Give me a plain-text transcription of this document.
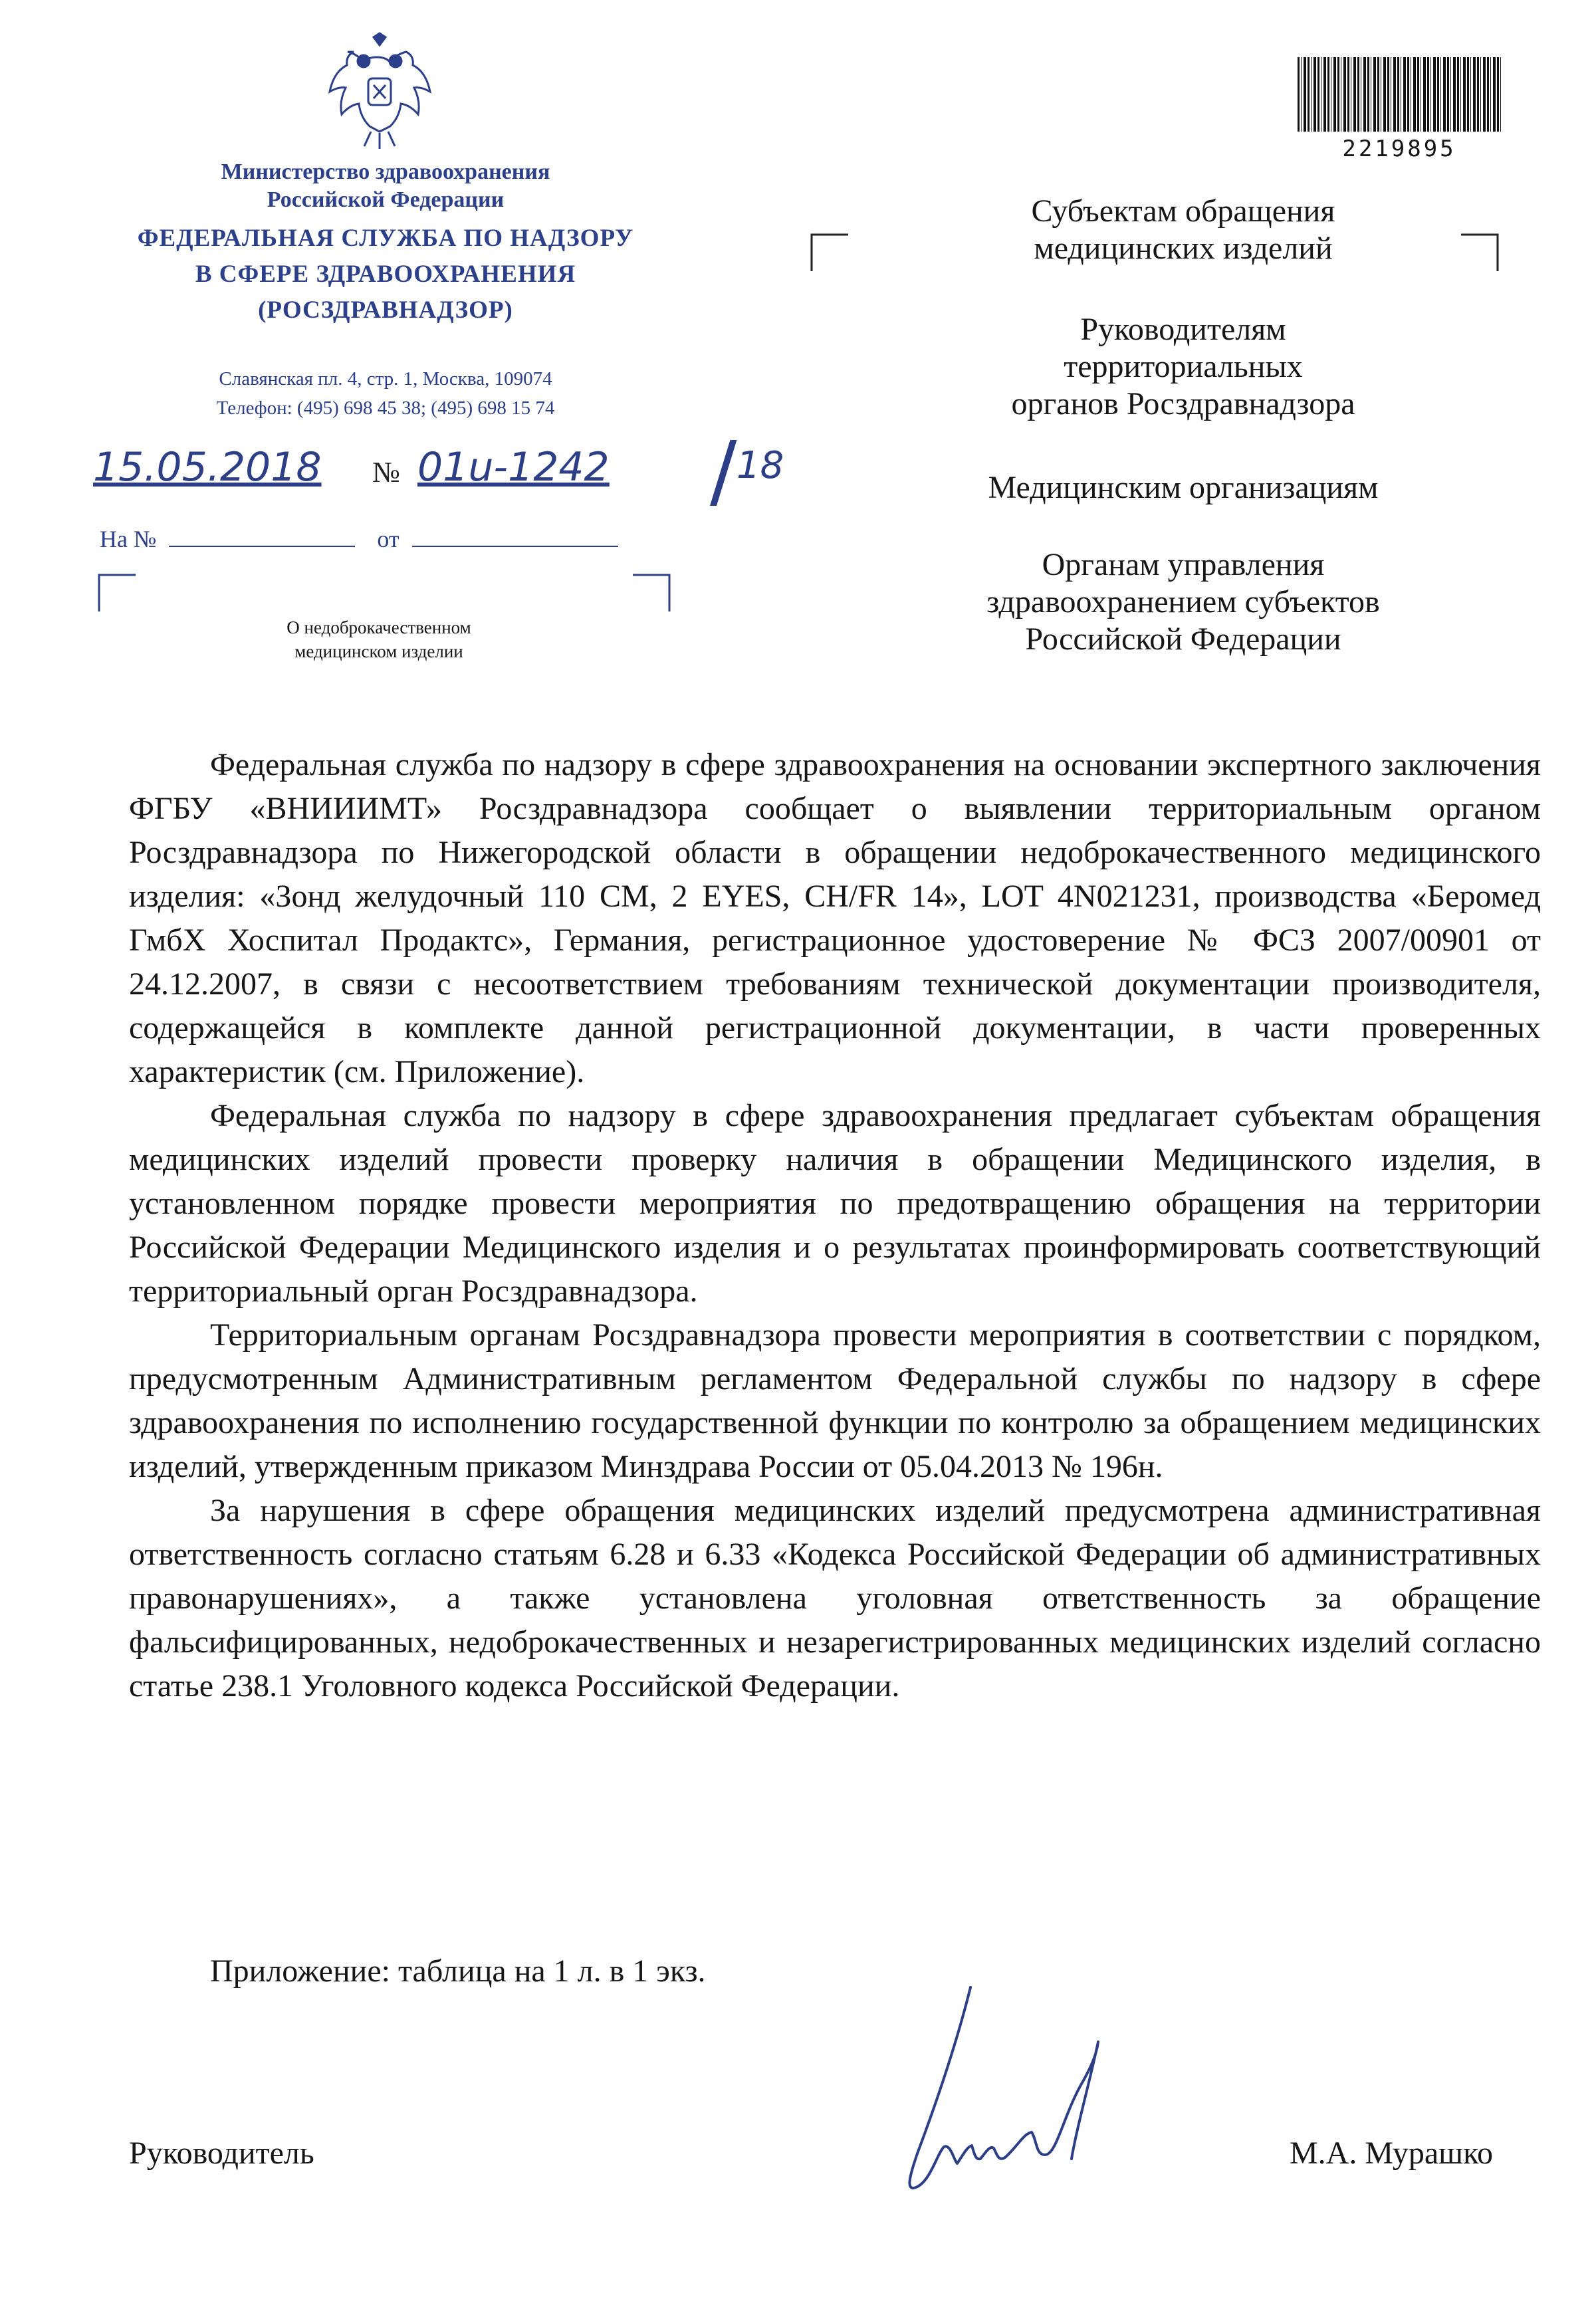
Министерство здравоохранения
Российской Федерации
ФЕДЕРАЛЬНАЯ СЛУЖБА ПО НАДЗОРУ
В СФЕРЕ ЗДРАВООХРАНЕНИЯ
(РОСЗДРАВНАДЗОР)
Славянская пл. 4, стр. 1, Москва, 109074
Телефон: (495) 698 45 38; (495) 698 15 74
15.05.2018 № 01u-1242 / 18
На №	от
О недоброкачественном
медицинском изделии
2219895
Субъектам обращения
медицинских изделий
Руководителям
территориальных
органов Росздравнадзора
Медицинским организациям
Органам управления
здравоохранением субъектов
Российской Федерации

Федеральная служба по надзору в сфере здравоохранения на основании экспертного заключения ФГБУ «ВНИИИМТ» Росздравнадзора сообщает о выявлении территориальным органом Росздравнадзора по Нижегородской области в обращении недоброкачественного медицинского изделия: «Зонд желудочный 110 СМ, 2 EYES, CH/FR 14», LOT 4N021231, производства «Беромед ГмбХ Хоспитал Продактс», Германия, регистрационное удостоверение № ФСЗ 2007/00901 от 24.12.2007, в связи с несоответствием требованиям технической документации производителя, содержащейся в комплекте данной регистрационной документации, в части проверенных характеристик (см. Приложение).

Федеральная служба по надзору в сфере здравоохранения предлагает субъектам обращения медицинских изделий провести проверку наличия в обращении Медицинского изделия, в установленном порядке провести мероприятия по предотвращению обращения на территории Российской Федерации Медицинского изделия и о результатах проинформировать соответствующий территориальный орган Росздравнадзора.

Территориальным органам Росздравнадзора провести мероприятия в соответствии с порядком, предусмотренным Административным регламентом Федеральной службы по надзору в сфере здравоохранения по исполнению государственной функции по контролю за обращением медицинских изделий, утвержденным приказом Минздрава России от 05.04.2013 № 196н.

За нарушения в сфере обращения медицинских изделий предусмотрена административная ответственность согласно статьям 6.28 и 6.33 «Кодекса Российской Федерации об административных правонарушениях», а также установлена уголовная ответственность за обращение фальсифицированных, недоброкачественных и незарегистрированных медицинских изделий согласно статье 238.1 Уголовного кодекса Российской Федерации.

Приложение: таблица на 1 л. в 1 экз.
Руководитель	М.А. Мурашко
